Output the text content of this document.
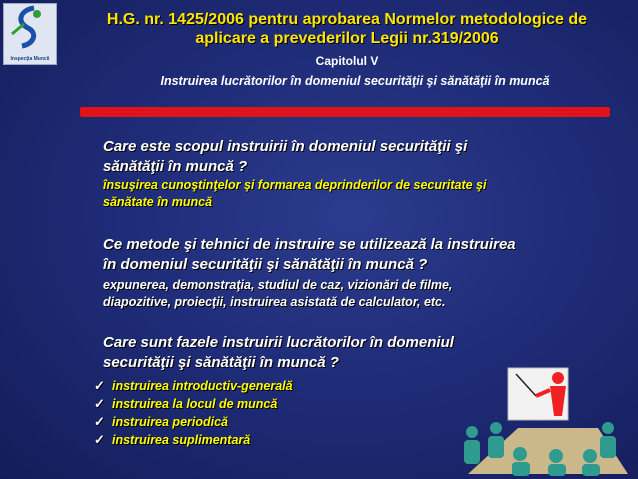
Inspecţia Muncii
H.G. nr. 1425/2006 pentru aprobarea Normelor metodologice de
aplicare a prevederilor Legii nr.319/2006
Capitolul V
Instruirea lucrătorilor în domeniul securităţii şi sănătăţii în muncă
Care este scopul instruirii în domeniul securităţii şi
sănătăţii în muncă ?
însuşirea cunoştinţelor şi formarea deprinderilor de securitate şi
sănătate în muncă
Ce metode şi tehnici de instruire se utilizează la instruirea
în domeniul securităţii şi sănătăţii în muncă ?
expunerea, demonstraţia, studiul de caz, vizionări de filme,
diapozitive, proiecţii, instruirea asistată de calculator, etc.
Care sunt fazele instruirii lucrătorilor în domeniul
securităţii şi sănătăţii în muncă ?
✓ instruirea introductiv-generală
✓ instruirea la locul de muncă
✓ instruirea periodică
✓ instruirea suplimentară
